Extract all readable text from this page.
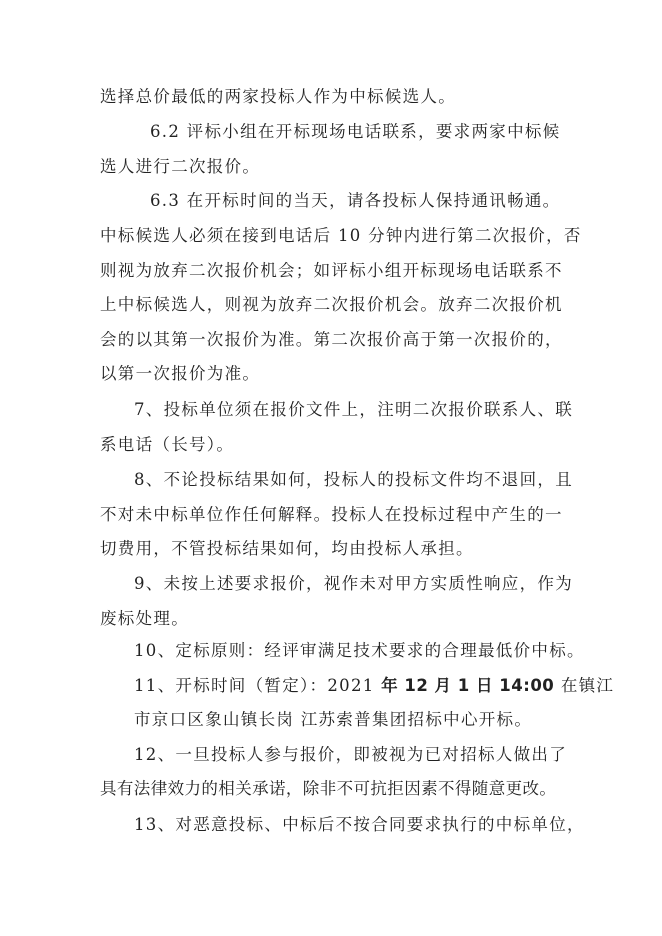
选择总价最低的两家投标人作为中标候选人。
6.2 评标小组在开标现场电话联系，要求两家中标候
选人进行二次报价。
6.3 在开标时间的当天，请各投标人保持通讯畅通。
中标候选人必须在接到电话后 10 分钟内进行第二次报价，否
则视为放弃二次报价机会；如评标小组开标现场电话联系不
上中标候选人，则视为放弃二次报价机会。放弃二次报价机
会的以其第一次报价为准。第二次报价高于第一次报价的，
以第一次报价为准。
7、投标单位须在报价文件上，注明二次报价联系人、联
系电话（长号）。
8、不论投标结果如何，投标人的投标文件均不退回，且
不对未中标单位作任何解释。投标人在投标过程中产生的一
切费用，不管投标结果如何，均由投标人承担。
9、未按上述要求报价，视作未对甲方实质性响应，作为
废标处理。
10、定标原则：经评审满足技术要求的合理最低价中标。
11、开标时间（暂定）：2021 年 12 月 1 日 14:00 在镇江
市京口区象山镇长岗 江苏索普集团招标中心开标。
12、一旦投标人参与报价，即被视为已对招标人做出了
具有法律效力的相关承诺，除非不可抗拒因素不得随意更改。
13、对恶意投标、中标后不按合同要求执行的中标单位，
